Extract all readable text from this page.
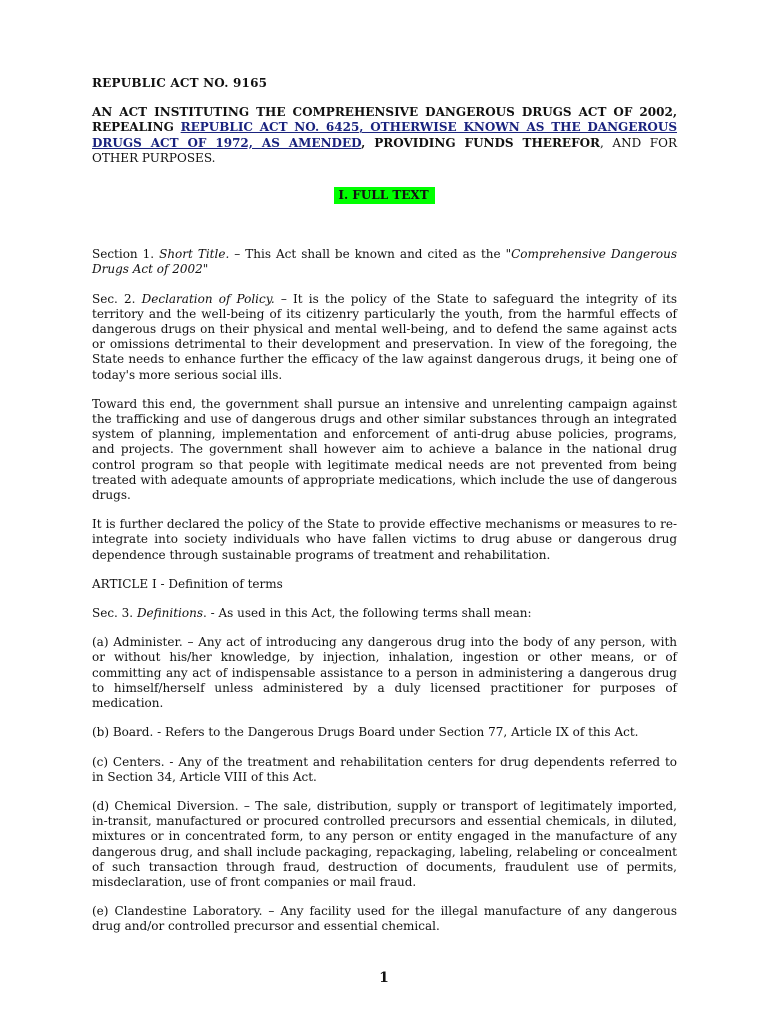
REPUBLIC ACT NO. 9165
AN ACT INSTITUTING THE COMPREHENSIVE DANGEROUS DRUGS ACT OF 2002, REPEALING REPUBLIC ACT NO. 6425, OTHERWISE KNOWN AS THE DANGEROUS DRUGS ACT OF 1972, AS AMENDED, PROVIDING FUNDS THEREFOR, AND FOR OTHER PURPOSES.
I. FULL TEXT

Section 1. Short Title. – This Act shall be known and cited as the "Comprehensive Dangerous Drugs Act of 2002"

Sec. 2. Declaration of Policy. – It is the policy of the State to safeguard the integrity of its territory and the well-being of its citizenry particularly the youth, from the harmful effects of dangerous drugs on their physical and mental well-being, and to defend the same against acts or omissions detrimental to their development and preservation. In view of the foregoing, the State needs to enhance further the efficacy of the law against dangerous drugs, it being one of today's more serious social ills.

Toward this end, the government shall pursue an intensive and unrelenting campaign against the trafficking and use of dangerous drugs and other similar substances through an integrated system of planning, implementation and enforcement of anti-drug abuse policies, programs, and projects. The government shall however aim to achieve a balance in the national drug control program so that people with legitimate medical needs are not prevented from being treated with adequate amounts of appropriate medications, which include the use of dangerous drugs.

It is further declared the policy of the State to provide effective mechanisms or measures to re-integrate into society individuals who have fallen victims to drug abuse or dangerous drug dependence through sustainable programs of treatment and rehabilitation.

ARTICLE I - Definition of terms

Sec. 3. Definitions. - As used in this Act, the following terms shall mean:

(a) Administer. – Any act of introducing any dangerous drug into the body of any person, with or without his/her knowledge, by injection, inhalation, ingestion or other means, or of committing any act of indispensable assistance to a person in administering a dangerous drug to himself/herself unless administered by a duly licensed practitioner for purposes of medication.

(b) Board. - Refers to the Dangerous Drugs Board under Section 77, Article IX of this Act.

(c) Centers. - Any of the treatment and rehabilitation centers for drug dependents referred to in Section 34, Article VIII of this Act.

(d) Chemical Diversion. – The sale, distribution, supply or transport of legitimately imported, in-transit, manufactured or procured controlled precursors and essential chemicals, in diluted, mixtures or in concentrated form, to any person or entity engaged in the manufacture of any dangerous drug, and shall include packaging, repackaging, labeling, relabeling or concealment of such transaction through fraud, destruction of documents, fraudulent use of permits, misdeclaration, use of front companies or mail fraud.

(e) Clandestine Laboratory. – Any facility used for the illegal manufacture of any dangerous drug and/or controlled precursor and essential chemical.

1
